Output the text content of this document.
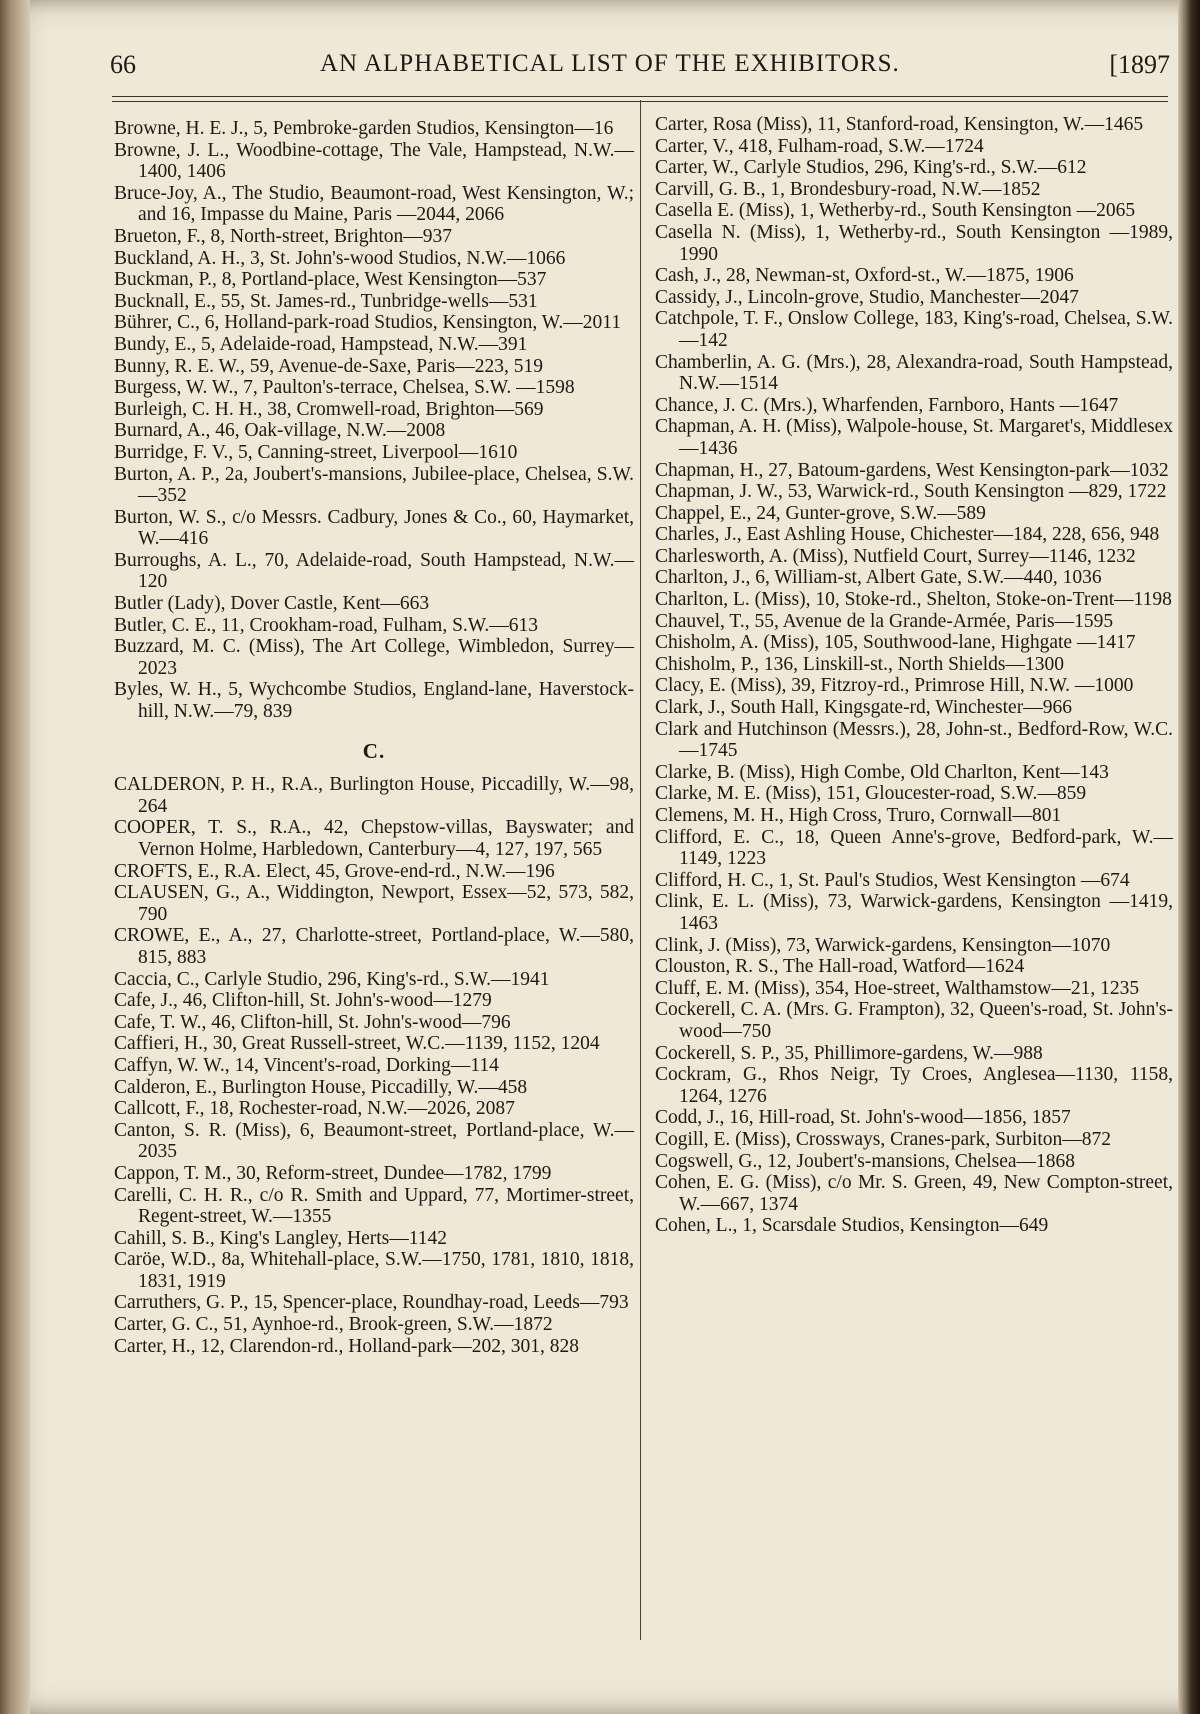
66	AN ALPHABETICAL LIST OF THE EXHIBITORS.	[1897

Browne, H. E. J., 5, Pembroke-garden Studios, Kensington—16

Browne, J. L., Woodbine-cottage, The Vale, Hampstead, N.W.—1400, 1406

Bruce-Joy, A., The Studio, Beaumont-road, West Kensington, W.; and 16, Impasse du Maine, Paris —2044, 2066

Brueton, F., 8, North-street, Brighton—937

Buckland, A. H., 3, St. John's-wood Studios, N.W.—1066

Buckman, P., 8, Portland-place, West Kensington—537

Bucknall, E., 55, St. James-rd., Tunbridge-wells—531

Bührer, C., 6, Holland-park-road Studios, Kensington, W.—2011

Bundy, E., 5, Adelaide-road, Hampstead, N.W.—391

Bunny, R. E. W., 59, Avenue-de-Saxe, Paris—223, 519

Burgess, W. W., 7, Paulton's-terrace, Chelsea, S.W. —1598

Burleigh, C. H. H., 38, Cromwell-road, Brighton—569

Burnard, A., 46, Oak-village, N.W.—2008

Burridge, F. V., 5, Canning-street, Liverpool—1610

Burton, A. P., 2a, Joubert's-mansions, Jubilee-place, Chelsea, S.W.—352

Burton, W. S., c/o Messrs. Cadbury, Jones & Co., 60, Haymarket, W.—416

Burroughs, A. L., 70, Adelaide-road, South Hampstead, N.W.—120

Butler (Lady), Dover Castle, Kent—663

Butler, C. E., 11, Crookham-road, Fulham, S.W.—613

Buzzard, M. C. (Miss), The Art College, Wimbledon, Surrey—2023

Byles, W. H., 5, Wychcombe Studios, England-lane, Haverstock-hill, N.W.—79, 839

C.

CALDERON, P. H., R.A., Burlington House, Piccadilly, W.—98, 264

COOPER, T. S., R.A., 42, Chepstow-villas, Bayswater; and Vernon Holme, Harbledown, Canterbury—4, 127, 197, 565

CROFTS, E., R.A. Elect, 45, Grove-end-rd., N.W.—196

CLAUSEN, G., A., Widdington, Newport, Essex—52, 573, 582, 790

CROWE, E., A., 27, Charlotte-street, Portland-place, W.—580, 815, 883

Caccia, C., Carlyle Studio, 296, King's-rd., S.W.—1941

Cafe, J., 46, Clifton-hill, St. John's-wood—1279

Cafe, T. W., 46, Clifton-hill, St. John's-wood—796

Caffieri, H., 30, Great Russell-street, W.C.—1139, 1152, 1204

Caffyn, W. W., 14, Vincent's-road, Dorking—114

Calderon, E., Burlington House, Piccadilly, W.—458

Callcott, F., 18, Rochester-road, N.W.—2026, 2087

Canton, S. R. (Miss), 6, Beaumont-street, Portland-place, W.—2035

Cappon, T. M., 30, Reform-street, Dundee—1782, 1799

Carelli, C. H. R., c/o R. Smith and Uppard, 77, Mortimer-street, Regent-street, W.—1355

Cahill, S. B., King's Langley, Herts—1142

Caröe, W.D., 8a, Whitehall-place, S.W.—1750, 1781, 1810, 1818, 1831, 1919

Carruthers, G. P., 15, Spencer-place, Roundhay-road, Leeds—793

Carter, G. C., 51, Aynhoe-rd., Brook-green, S.W.—1872

Carter, H., 12, Clarendon-rd., Holland-park—202, 301, 828

Carter, Rosa (Miss), 11, Stanford-road, Kensington, W.—1465

Carter, V., 418, Fulham-road, S.W.—1724

Carter, W., Carlyle Studios, 296, King's-rd., S.W.—612

Carvill, G. B., 1, Brondesbury-road, N.W.—1852

Casella E. (Miss), 1, Wetherby-rd., South Kensington —2065

Casella N. (Miss), 1, Wetherby-rd., South Kensington —1989, 1990

Cash, J., 28, Newman-st, Oxford-st., W.—1875, 1906

Cassidy, J., Lincoln-grove, Studio, Manchester—2047

Catchpole, T. F., Onslow College, 183, King's-road, Chelsea, S.W.—142

Chamberlin, A. G. (Mrs.), 28, Alexandra-road, South Hampstead, N.W.—1514

Chance, J. C. (Mrs.), Wharfenden, Farnboro, Hants —1647

Chapman, A. H. (Miss), Walpole-house, St. Margaret's, Middlesex—1436

Chapman, H., 27, Batoum-gardens, West Kensington-park—1032

Chapman, J. W., 53, Warwick-rd., South Kensington —829, 1722

Chappel, E., 24, Gunter-grove, S.W.—589

Charles, J., East Ashling House, Chichester—184, 228, 656, 948

Charlesworth, A. (Miss), Nutfield Court, Surrey—1146, 1232

Charlton, J., 6, William-st, Albert Gate, S.W.—440, 1036

Charlton, L. (Miss), 10, Stoke-rd., Shelton, Stoke-on-Trent—1198

Chauvel, T., 55, Avenue de la Grande-Armée, Paris—1595

Chisholm, A. (Miss), 105, Southwood-lane, Highgate —1417

Chisholm, P., 136, Linskill-st., North Shields—1300

Clacy, E. (Miss), 39, Fitzroy-rd., Primrose Hill, N.W. —1000

Clark, J., South Hall, Kingsgate-rd, Winchester—966

Clark and Hutchinson (Messrs.), 28, John-st., Bedford-Row, W.C.—1745

Clarke, B. (Miss), High Combe, Old Charlton, Kent—143

Clarke, M. E. (Miss), 151, Gloucester-road, S.W.—859

Clemens, M. H., High Cross, Truro, Cornwall—801

Clifford, E. C., 18, Queen Anne's-grove, Bedford-park, W.—1149, 1223

Clifford, H. C., 1, St. Paul's Studios, West Kensington —674

Clink, E. L. (Miss), 73, Warwick-gardens, Kensington —1419, 1463

Clink, J. (Miss), 73, Warwick-gardens, Kensington—1070

Clouston, R. S., The Hall-road, Watford—1624

Cluff, E. M. (Miss), 354, Hoe-street, Walthamstow—21, 1235

Cockerell, C. A. (Mrs. G. Frampton), 32, Queen's-road, St. John's-wood—750

Cockerell, S. P., 35, Phillimore-gardens, W.—988

Cockram, G., Rhos Neigr, Ty Croes, Anglesea—1130, 1158, 1264, 1276

Codd, J., 16, Hill-road, St. John's-wood—1856, 1857

Cogill, E. (Miss), Crossways, Cranes-park, Surbiton—872

Cogswell, G., 12, Joubert's-mansions, Chelsea—1868

Cohen, E. G. (Miss), c/o Mr. S. Green, 49, New Compton-street, W.—667, 1374

Cohen, L., 1, Scarsdale Studios, Kensington—649
